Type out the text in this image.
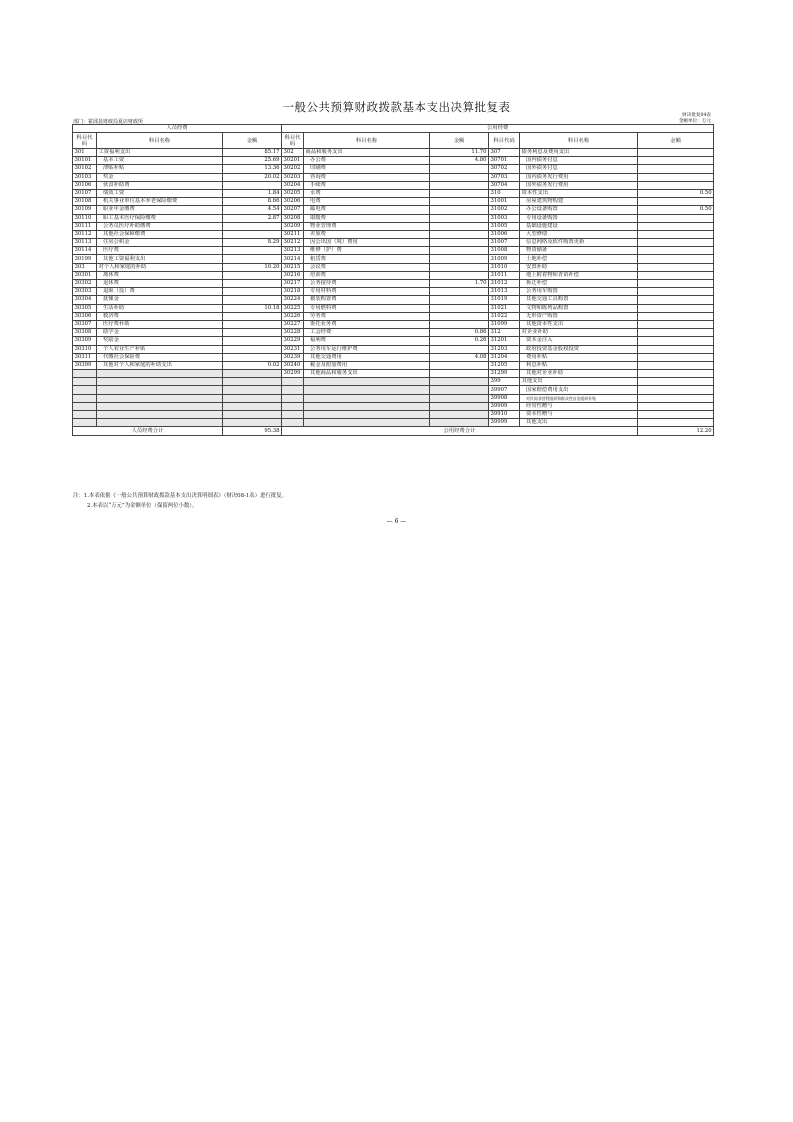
一般公共预算财政拨款基本支出决算批复表
财决批复04表
金额单位：万元
部门：霍邱县财政局夏店财政所
人员经费			公用经费					
科目代码	科目名称	金额	科目代码	科目名称	金额	科目代码	科目名称	金额
301	工资福利支出	85.17	302	商品和服务支出	11.70	307	债务利息及费用支出	
30101	基本工资	25.69	30201	办公费	4.80	30701	国内债务付息	
30102	津贴补贴	13.36	30202	印刷费		30702	国外债务付息	
30103	奖金	20.02	30203	咨询费		30703	国内债务发行费用	
30106	伙食补助费		30204	手续费		30704	国外债务发行费用	
30107	绩效工资	1.84	30205	水费		310	资本性支出	0.50
30108	机关事业单位基本养老保险缴费	8.66	30206	电费		31001	房屋建筑物购建	
30109	职业年金缴费	4.54	30207	邮电费		31002	办公设备购置	0.50
30110	职工基本医疗保险缴费	2.87	30208	取暖费		31003	专用设备购置	
30111	公务员医疗补助缴费		30209	物业管理费		31005	基础设施建设	
30112	其他社会保障缴费		30211	差旅费		31006	大型修缮	
30113	住房公积金	8.29	30212	因公出国（境）费用		31007	信息网络及软件购置更新	
30114	医疗费		30213	维修（护）费		31008	物资储备	
30199	其他工资福利支出		30214	租赁费		31009	土地补偿	
303	对个人和家庭的补助	10.20	30215	会议费		31010	安置补助	
30301	离休费		30216	培训费		31011	地上附着物和青苗补偿	
30302	退休费		30217	公务接待费	1.70	31012	拆迁补偿	
30303	退职（役）费		30218	专用材料费		31013	公务用车购置	
30304	抚恤金		30224	被装购置费		31019	其他交通工具购置	
30305	生活补助	10.18	30225	专用燃料费		31021	文物和陈列品购置	
30306	救济费		30226	劳务费		31022	无形资产购置	
30307	医疗费补助		30227	委托业务费		31099	其他资本性支出	
30308	助学金		30228	工会经费	0.86	312	对企业补助	
30309	奖励金		30229	福利费	0.26	31201	资本金注入	
30310	个人农业生产补贴		30231	公务用车运行维护费		31203	政府投资基金股权投资	
30311	代缴社会保险费		30239	其他交通费用	4.08	31204	费用补贴	
30399	其他对个人和家庭的补助支出	0.02	30240	税金及附加费用		31205	利息补贴	
			30299	其他商品和服务支出		31299	其他对企业补助	
						399	其他支出	
						39907	国家赔偿费用支出	
						39908	对民间非营利组织和群众性自治组织补贴	
						39909	经常性赠与	
						39910	资本性赠与	
						39999	其他支出	
人员经费合计		95.38	公用经费合计					12.20
注：1.本表依据《一般公共预算财政拨款基本支出决算明细表》（财决08-1表）进行批复。
2.本表以“万元”为金额单位（保留两位小数）。
— 6 —
